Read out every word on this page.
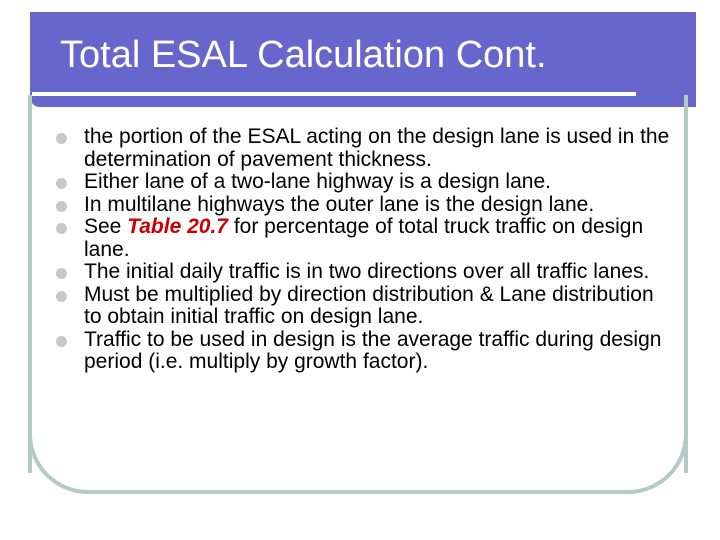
Total ESAL Calculation Cont.
the portion of the ESAL acting on the design lane is used in the determination of pavement thickness.
Either lane of a two-lane highway is a design lane.
In multilane highways the outer lane is the design lane.
See Table 20.7 for percentage of total truck traffic on design lane.
The initial daily traffic is in two directions over all traffic lanes.
Must be multiplied by direction distribution & Lane distribution to obtain initial traffic on design lane.
Traffic to be used in design is the average traffic during design period (i.e. multiply by growth factor).
